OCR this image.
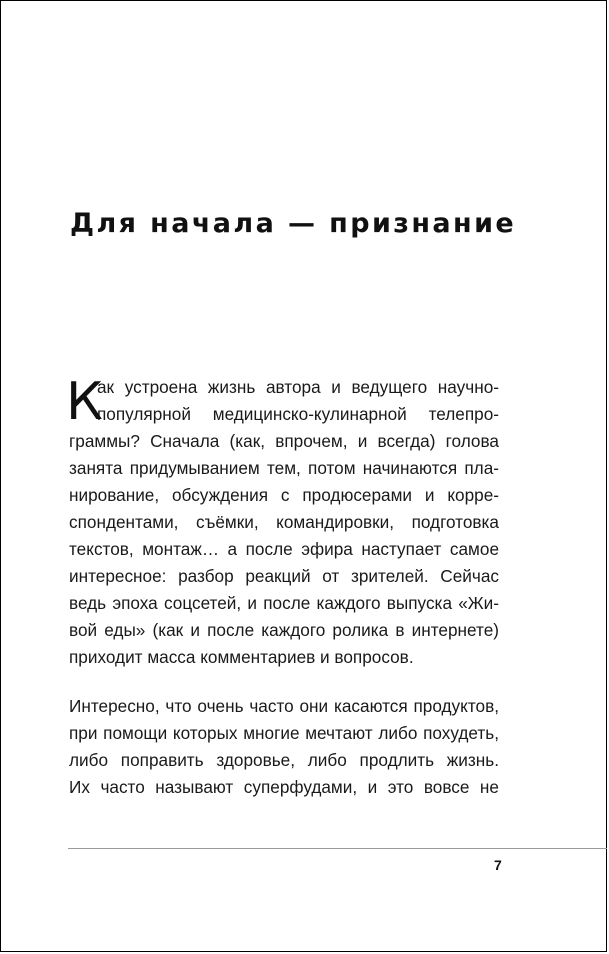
Для начала — признание
К
ак устроена жизнь автора и ведущего научно-
популярной медицинско-кулинарной телепро-
граммы? Сначала (как, впрочем, и всегда) голова
занята придумыванием тем, потом начинаются пла-
нирование, обсуждения с продюсерами и корре-
спондентами, съёмки, командировки, подготовка
текстов, монтаж… а после эфира наступает самое
интересное: разбор реакций от зрителей. Сейчас
ведь эпоха соцсетей, и после каждого выпуска «Жи-
вой еды» (как и после каждого ролика в интернете)
приходит масса комментариев и вопросов.
Интересно, что очень часто они касаются продуктов,
при помощи которых многие мечтают либо похудеть,
либо поправить здоровье, либо продлить жизнь.
Их часто называют суперфудами, и это вовсе не
7
